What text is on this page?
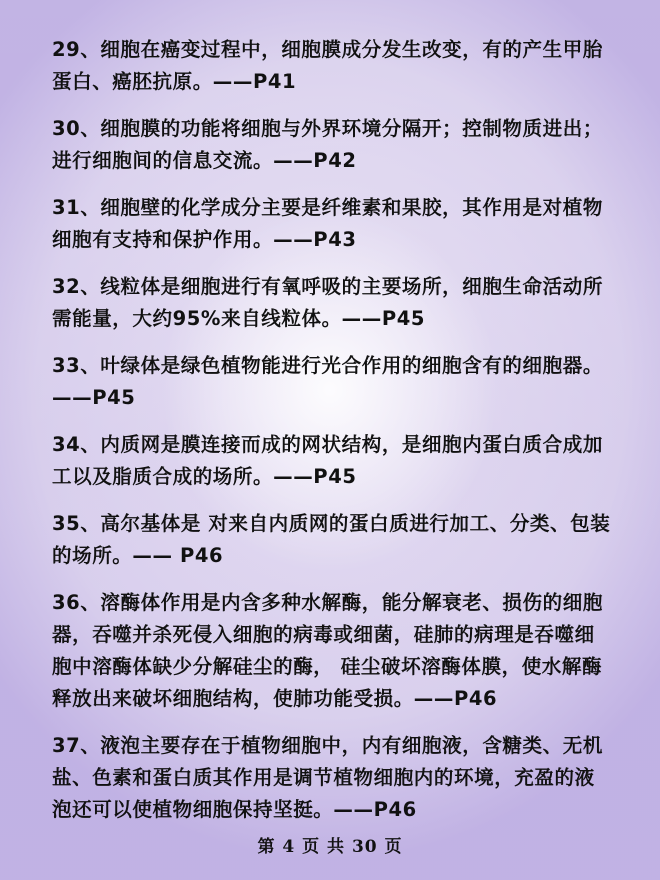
29、细胞在癌变过程中，细胞膜成分发生改变，有的产生甲胎蛋白、癌胚抗原。——P41
30、细胞膜的功能将细胞与外界环境分隔开；控制物质进出；进行细胞间的信息交流。——P42
31、细胞壁的化学成分主要是纤维素和果胶，其作用是对植物细胞有支持和保护作用。——P43
32、线粒体是细胞进行有氧呼吸的主要场所，细胞生命活动所需能量，大约95%来自线粒体。——P45
33、叶绿体是绿色植物能进行光合作用的细胞含有的细胞器。——P45
34、内质网是膜连接而成的网状结构，是细胞内蛋白质合成加工以及脂质合成的场所。——P45
35、高尔基体是 对来自内质网的蛋白质进行加工、分类、包装的场所。—— P46
36、溶酶体作用是内含多种水解酶，能分解衰老、损伤的细胞器，吞噬并杀死侵入细胞的病毒或细菌，硅肺的病理是吞噬细胞中溶酶体缺少分解硅尘的酶， 硅尘破坏溶酶体膜，使水解酶释放出来破坏细胞结构，使肺功能受损。——P46
37、液泡主要存在于植物细胞中，内有细胞液，含糖类、无机盐、色素和蛋白质其作用是调节植物细胞内的环境，充盈的液泡还可以使植物细胞保持坚挺。——P46
第 4 页 共 30 页
